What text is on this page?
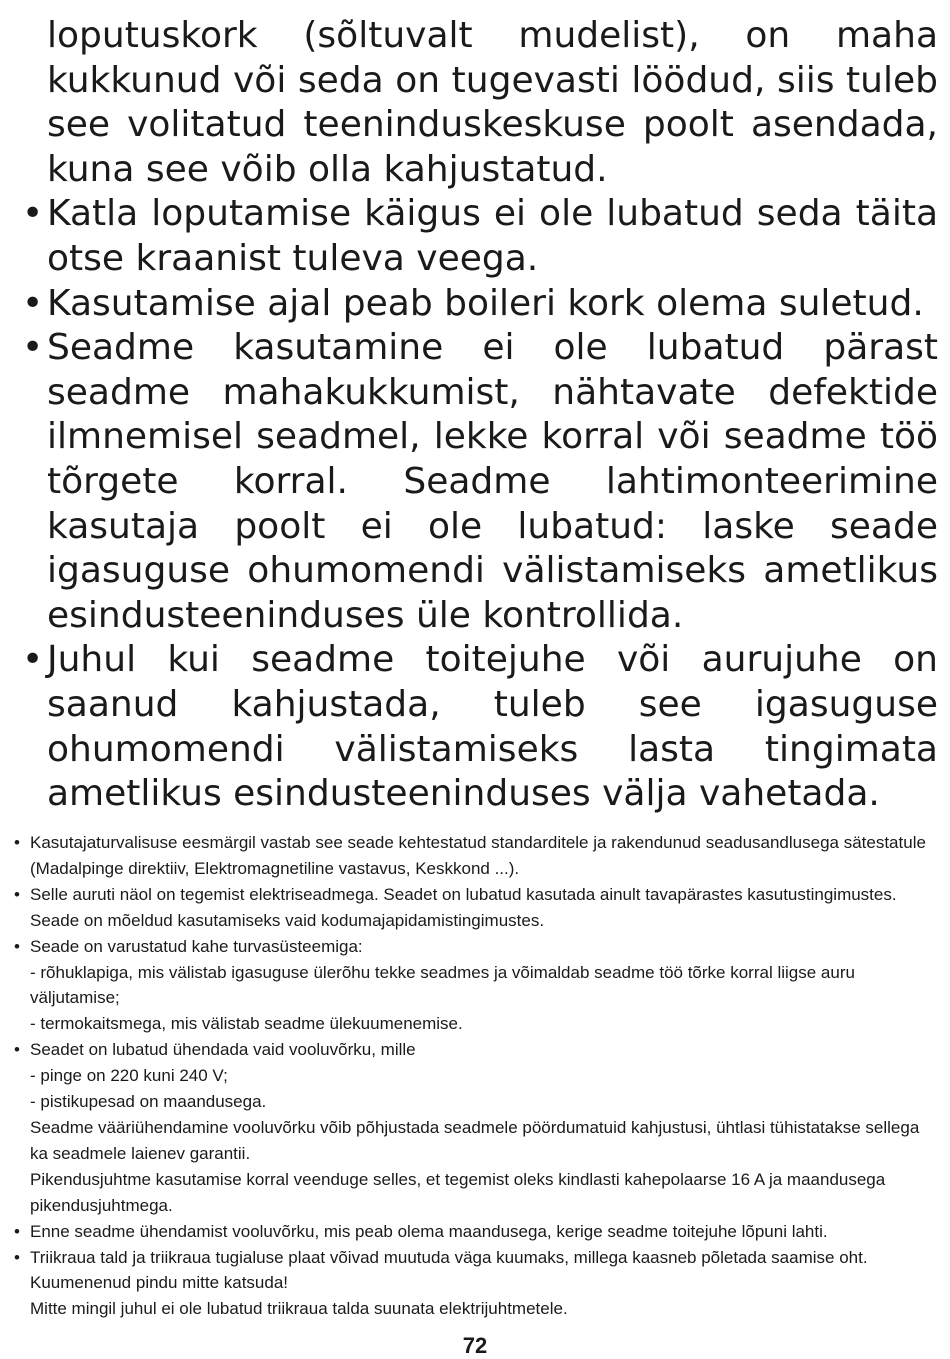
loputuskork (sõltuvalt mudelist), on maha kukkunud või seda on tugevasti löödud, siis tuleb see volitatud teeninduskeskuse poolt asendada, kuna see võib olla kahjustatud.
• Katla loputamise käigus ei ole lubatud seda täita otse kraanist tuleva veega.
• Kasutamise ajal peab boileri kork olema suletud.
• Seadme kasutamine ei ole lubatud pärast seadme mahakukkumist, nähtavate defektide ilmnemisel seadmel, lekke korral või seadme töö tõrgete korral. Seadme lahtimonteerimine kasutaja poolt ei ole lubatud: laske seade igasuguse ohumomendi välistamiseks ametlikus esindusteeninduses üle kontrollida.
• Juhul kui seadme toitejuhe või aurujuhe on saanud kahjustada, tuleb see igasuguse ohumomendi välistamiseks lasta tingimata ametlikus esindusteeninduses välja vahetada.
• Kasutajaturvalisuse eesmärgil vastab see seade kehtestatud standarditele ja rakendunud seadusandlusega sätestatule (Madalpinge direktiiv, Elektromagnetiline vastavus, Keskkond ...).
• Selle auruti näol on tegemist elektriseadmega. Seadet on lubatud kasutada ainult tavapärastes kasutustingimustes. Seade on mõeldud kasutamiseks vaid kodumajapidamistingimustes.
• Seade on varustatud kahe turvasüsteemiga:
- rõhuklapiga, mis välistab igasuguse ülerõhu tekke seadmes ja võimaldab seadme töö tõrke korral liigse auru väljutamise;
- termokaitsmega, mis välistab seadme ülekuumenemise.
• Seadet on lubatud ühendada vaid vooluvõrku, mille
- pinge on 220 kuni 240 V;
- pistikupesad on maandusega.
Seadme vääriühendamine vooluvõrku võib põhjustada seadmele pöördumatuid kahjustusi, ühtlasi tühistatakse sellega ka seadmele laienev garantii.
Pikendusjuhtme kasutamise korral veenduge selles, et tegemist oleks kindlasti kahepolaarse 16 A ja maandusega pikendusjuhtmega.
• Enne seadme ühendamist vooluvõrku, mis peab olema maandusega, kerige seadme toitejuhe lõpuni lahti.
• Triikraua tald ja triikraua tugialuse plaat võivad muutuda väga kuumaks, millega kaasneb põletada saamise oht.
Kuumenenud pindu mitte katsuda!
Mitte mingil juhul ei ole lubatud triikraua talda suunata elektrijuhtmetele.
72
